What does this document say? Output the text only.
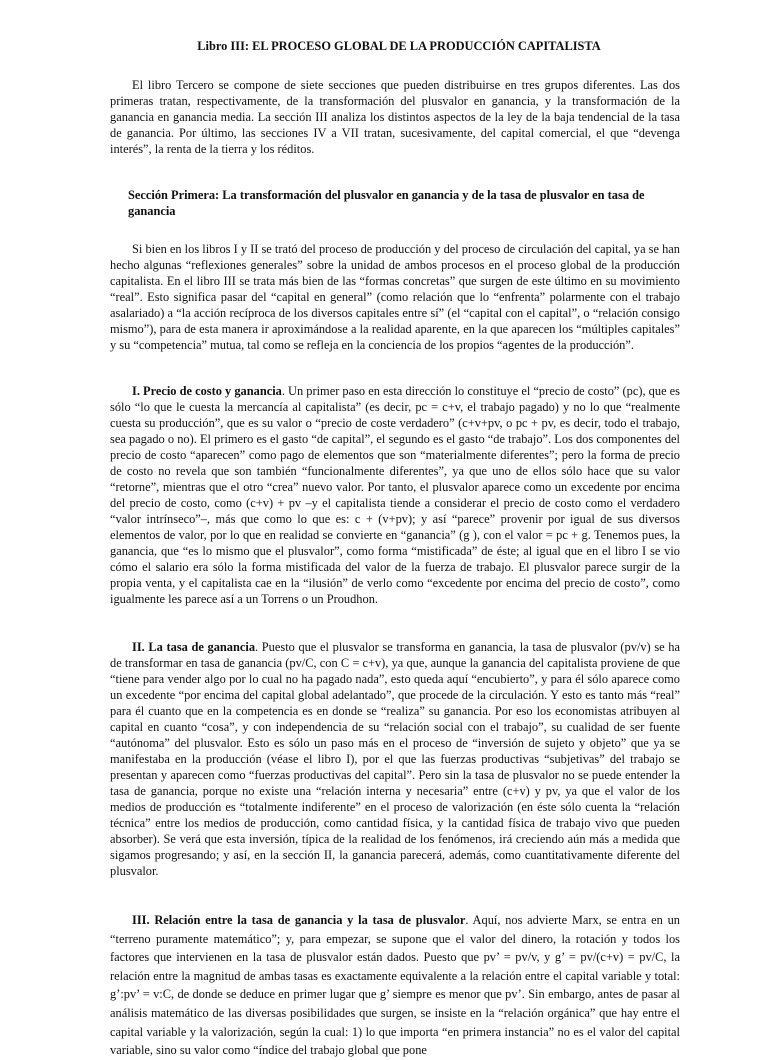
Libro III: EL PROCESO GLOBAL DE LA PRODUCCIÓN CAPITALISTA

El libro Tercero se compone de siete secciones que pueden distribuirse en tres grupos diferentes. Las dos primeras tratan, respectivamente, de la transformación del plusvalor en ganancia, y la transformación de la ganancia en ganancia media. La sección III analiza los distintos aspectos de la ley de la baja tendencial de la tasa de ganancia. Por último, las secciones IV a VII tratan, sucesivamente, del capital comercial, el que “devenga interés”, la renta de la tierra y los réditos.

Sección Primera: La transformación del plusvalor en ganancia y de la tasa de plusvalor en tasa de ganancia

Si bien en los libros I y II se trató del proceso de producción y del proceso de circulación del capital, ya se han hecho algunas “reflexiones generales” sobre la unidad de ambos procesos en el proceso global de la producción capitalista. En el libro III se trata más bien de las “formas concretas” que surgen de este último en su movimiento “real”. Esto significa pasar del “capital en general” (como relación que lo “enfrenta” polarmente con el trabajo asalariado) a “la acción recíproca de los diversos capitales entre sí” (el “capital con el capital”, o “relación consigo mismo”), para de esta manera ir aproximándose a la realidad aparente, en la que aparecen los “múltiples capitales” y su “competencia” mutua, tal como se refleja en la conciencia de los propios “agentes de la producción”.

I. Precio de costo y ganancia. Un primer paso en esta dirección lo constituye el “precio de costo” (pc), que es sólo “lo que le cuesta la mercancía al capitalista” (es decir, pc = c+v, el trabajo pagado) y no lo que “realmente cuesta su producción”, que es su valor o “precio de coste verdadero” (c+v+pv, o pc + pv, es decir, todo el trabajo, sea pagado o no). El primero es el gasto “de capital”, el segundo es el gasto “de trabajo”. Los dos componentes del precio de costo “aparecen” como pago de elementos que son “materialmente diferentes”; pero la forma de precio de costo no revela que son también “funcionalmente diferentes”, ya que uno de ellos sólo hace que su valor “retorne”, mientras que el otro “crea” nuevo valor. Por tanto, el plusvalor aparece como un excedente por encima del precio de costo, como (c+v) + pv –y el capitalista tiende a considerar el precio de costo como el verdadero “valor intrínseco”–, más que como lo que es: c + (v+pv); y así “parece” provenir por igual de sus diversos elementos de valor, por lo que en realidad se convierte en “ganancia” (g ), con el valor = pc + g. Tenemos pues, la ganancia, que “es lo mismo que el plusvalor”, como forma “mistificada” de éste; al igual que en el libro I se vio cómo el salario era sólo la forma mistificada del valor de la fuerza de trabajo. El plusvalor parece surgir de la propia venta, y el capitalista cae en la “ilusión” de verlo como “excedente por encima del precio de costo”, como igualmente les parece así a un Torrens o un Proudhon.

II. La tasa de ganancia. Puesto que el plusvalor se transforma en ganancia, la tasa de plusvalor (pv/v) se ha de transformar en tasa de ganancia (pv/C, con C = c+v), ya que, aunque la ganancia del capitalista proviene de que “tiene para vender algo por lo cual no ha pagado nada”, esto queda aquí “encubierto”, y para él sólo aparece como un excedente “por encima del capital global adelantado”, que procede de la circulación. Y esto es tanto más “real” para él cuanto que en la competencia es en donde se “realiza” su ganancia. Por eso los economistas atribuyen al capital en cuanto “cosa”, y con independencia de su “relación social con el trabajo”, su cualidad de ser fuente “autónoma” del plusvalor. Esto es sólo un paso más en el proceso de “inversión de sujeto y objeto” que ya se manifestaba en la producción (véase el libro I), por el que las fuerzas productivas “subjetivas” del trabajo se presentan y aparecen como “fuerzas productivas del capital”. Pero sin la tasa de plusvalor no se puede entender la tasa de ganancia, porque no existe una “relación interna y necesaria” entre (c+v) y pv, ya que el valor de los medios de producción es “totalmente indiferente” en el proceso de valorización (en éste sólo cuenta la “relación técnica” entre los medios de producción, como cantidad física, y la cantidad física de trabajo vivo que pueden absorber). Se verá que esta inversión, típica de la realidad de los fenómenos, irá creciendo aún más a medida que sigamos progresando; y así, en la sección II, la ganancia parecerá, además, como cuantitativamente diferente del plusvalor.

III. Relación entre la tasa de ganancia y la tasa de plusvalor. Aquí, nos advierte Marx, se entra en un “terreno puramente matemático”; y, para empezar, se supone que el valor del dinero, la rotación y todos los factores que intervienen en la tasa de plusvalor están dados. Puesto que pv’ = pv/v, y g’ = pv/(c+v) = pv/C, la relación entre la magnitud de ambas tasas es exactamente equivalente a la relación entre el capital variable y total: g’:pv’ = v:C, de donde se deduce en primer lugar que g’ siempre es menor que pv’. Sin embargo, antes de pasar al análisis matemático de las diversas posibilidades que surgen, se insiste en la “relación orgánica” que hay entre el capital variable y la valorización, según la cual: 1) lo que importa “en primera instancia” no es el valor del capital variable, sino su valor como “índice del trabajo global que pone
